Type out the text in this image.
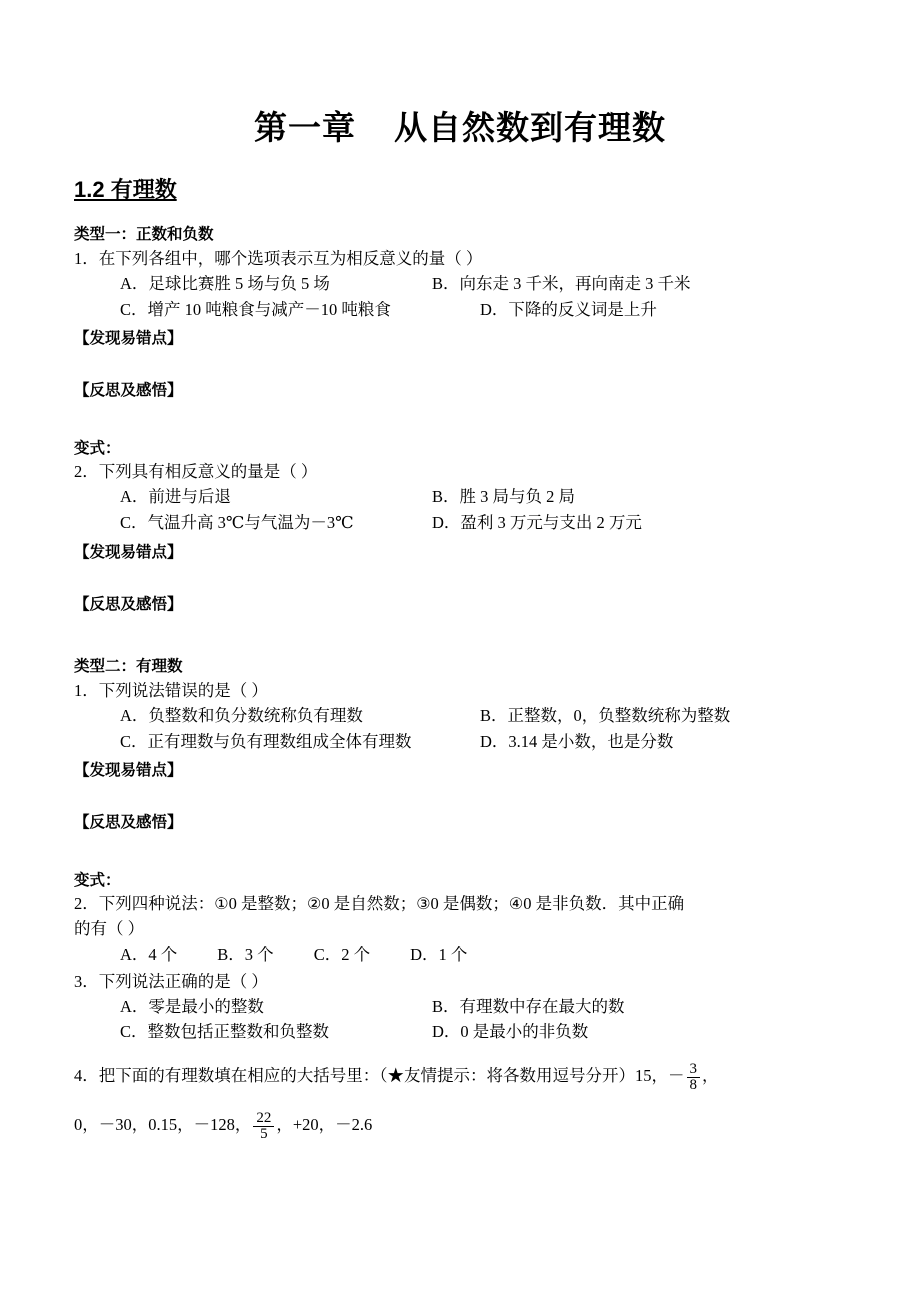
第一章 从自然数到有理数
1.2 有理数
类型一：正数和负数
1．在下列各组中，哪个选项表示互为相反意义的量（ ）
A．足球比赛胜 5 场与负 5 场	B．向东走 3 千米，再向南走 3 千米
C．增产 10 吨粮食与减产－10 吨粮食	D．下降的反义词是上升
【发现易错点】
【反思及感悟】
变式：
2．下列具有相反意义的量是（ ）
A．前进与后退	B．胜 3 局与负 2 局
C．气温升高 3℃与气温为－3℃	D．盈利 3 万元与支出 2 万元
【发现易错点】
【反思及感悟】
类型二：有理数
1．下列说法错误的是（ ）
A．负整数和负分数统称负有理数	B．正整数，0，负整数统称为整数
C．正有理数与负有理数组成全体有理数	D．3.14 是小数，也是分数
【发现易错点】
【反思及感悟】
变式：
2．下列四种说法：①0 是整数；②0 是自然数；③0 是偶数；④0 是非负数．其中正确
的有（ ）
A．4 个 B．3 个 C．2 个 D．1 个
3．下列说法正确的是（ ）
A．零是最小的整数	B．有理数中存在最大的数
C．整数包括正整数和负整数	D．0 是最小的非负数
4．把下面的有理数填在相应的大括号里：（★友情提示：将各数用逗号分开）15，－ $\frac{3}{8}$ ，
0，－30，0.15，－128， $\frac{22}{5}$ ，+20，－2.6
